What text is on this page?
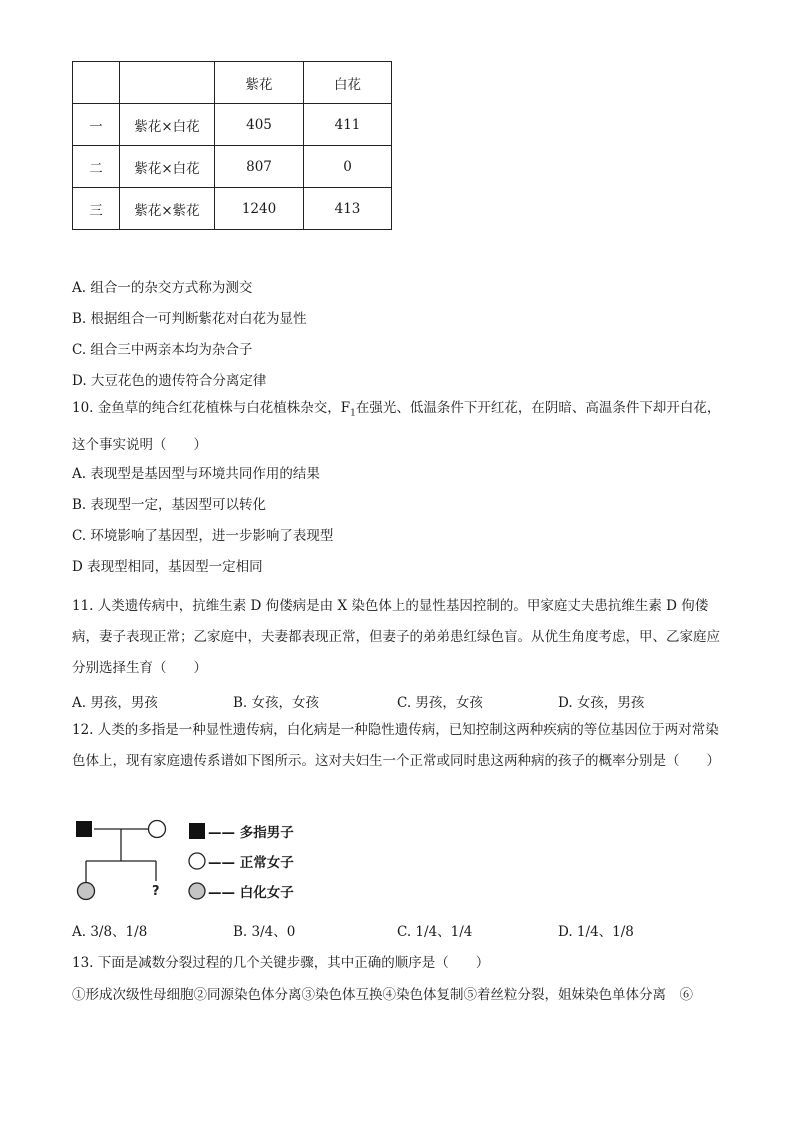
		紫花	白花
一	紫花×白花	405	411
二	紫花×白花	807	0
三	紫花×紫花	1240	413
A. 组合一的杂交方式称为测交
B. 根据组合一可判断紫花对白花为显性
C. 组合三中两亲本均为杂合子
D. 大豆花色的遗传符合分离定律
10. 金鱼草的纯合红花植株与白花植株杂交，$F_1$在强光、低温条件下开红花，在阴暗、高温条件下却开白花，这个事实说明（　　）
A. 表现型是基因型与环境共同作用的结果
B. 表现型一定，基因型可以转化
C. 环境影响了基因型，进一步影响了表现型
D 表现型相同，基因型一定相同
11. 人类遗传病中，抗维生素 D 佝偻病是由 X 染色体上的显性基因控制的。甲家庭丈夫患抗维生素 D 佝偻病，妻子表现正常；乙家庭中，夫妻都表现正常，但妻子的弟弟患红绿色盲。从优生角度考虑，甲、乙家庭应分别选择生育（　　）
A. 男孩，男孩	B. 女孩，女孩	C. 男孩，女孩	D. 女孩，男孩
12. 人类的多指是一种显性遗传病，白化病是一种隐性遗传病，已知控制这两种疾病的等位基因位于两对常染色体上，现有家庭遗传系谱如下图所示。这对夫妇生一个正常或同时患这两种病的孩子的概率分别是（　　）
?
—— 多指男子
—— 正常女子
—— 白化女子
A. 3/8、1/8	B. 3/4、0	C. 1/4、1/4	D. 1/4、1/8
13. 下面是减数分裂过程的几个关键步骤，其中正确的顺序是（　　）
①形成次级性母细胞②同源染色体分离③染色体互换④染色体复制⑤着丝粒分裂，姐妹染色单体分离　⑥
